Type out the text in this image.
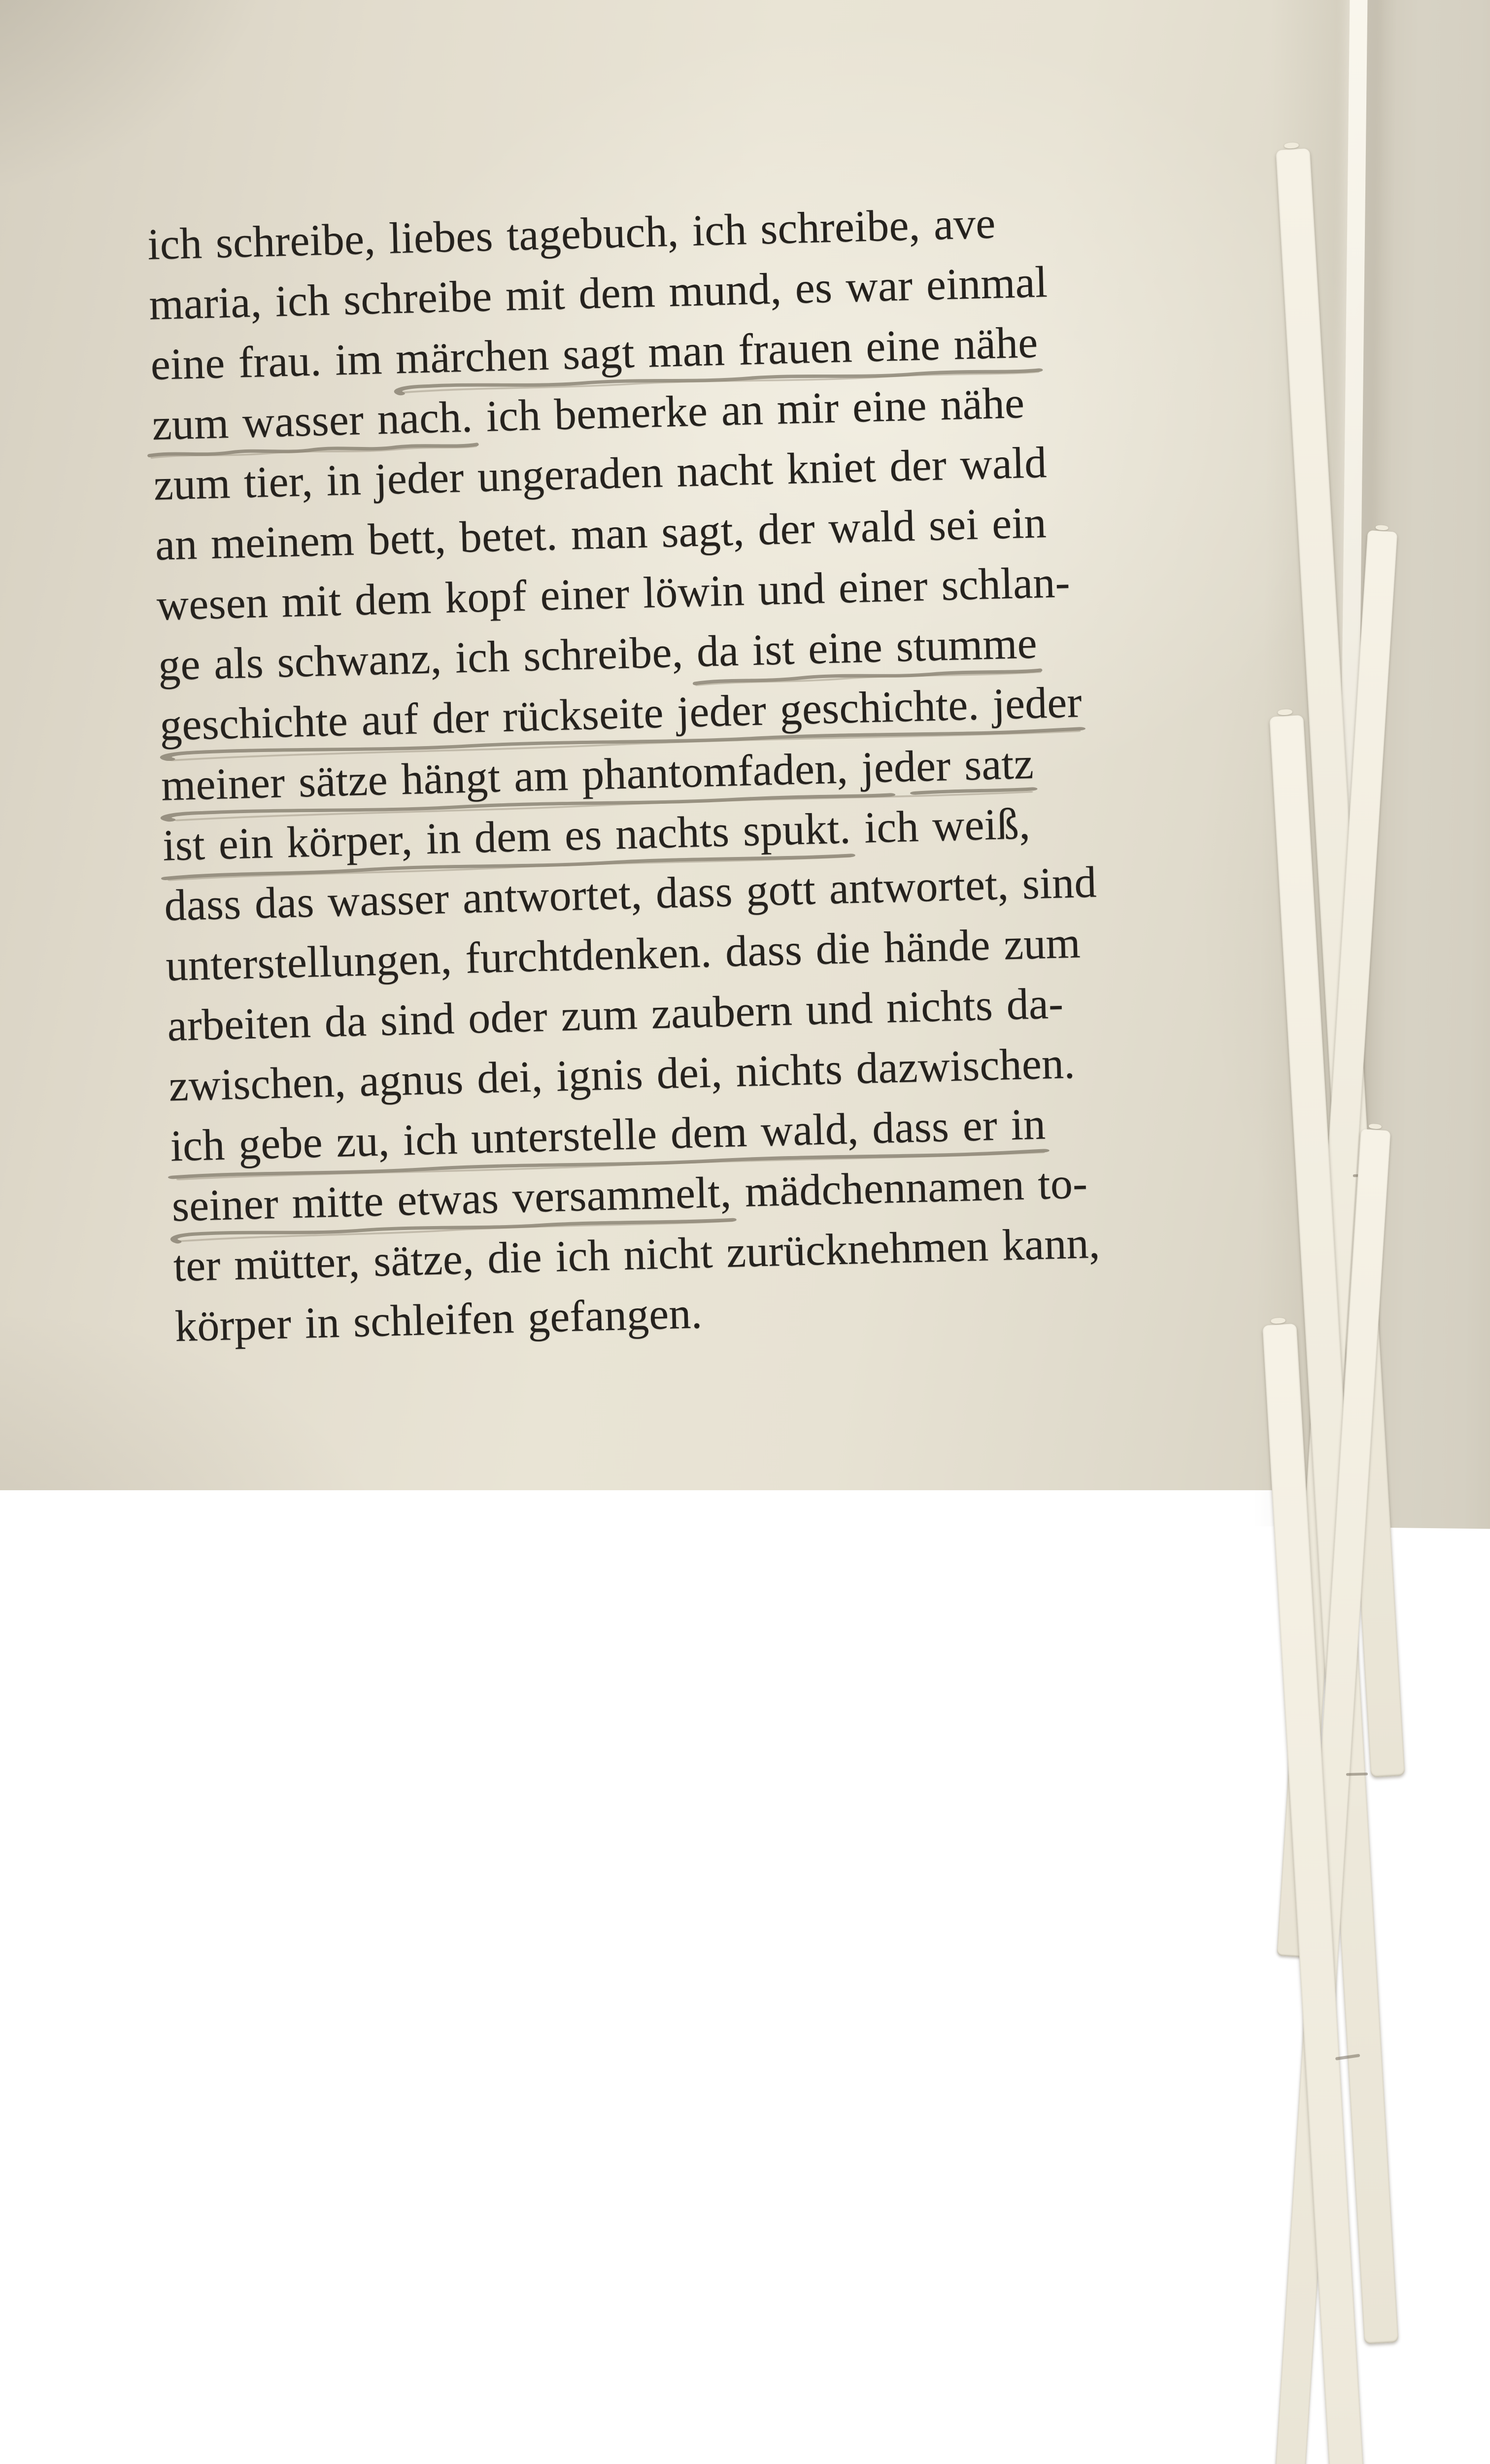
ich schreibe, liebes tagebuch, ich schreibe, ave
maria, ich schreibe mit dem mund, es war einmal
eine frau. im märchen sagt man frauen eine nähe
zum wasser nach.
ich bemerke an mir eine nähe
zum tier, in jeder ungeraden nacht kniet der wald
an meinem bett, betet. man sagt, der wald sei ein
wesen mit dem kopf einer löwin und einer schlan-
ge als schwanz, ich schreibe, da ist eine stumme
geschichte auf der rückseite jeder geschichte. jeder
meiner sätze hängt am phantomfaden, jeder satz
ist ein körper, in dem es nachts spukt.
ich weiß,
dass das wasser antwortet, dass gott antwortet, sind
unterstellungen, furchtdenken. dass die hände zum
arbeiten da sind oder zum zaubern und nichts da-
zwischen, agnus dei, ignis dei, nichts dazwischen.
ich gebe zu, ich unterstelle dem wald, dass er in
seiner mitte etwas versammelt,
mädchennamen to-
ter mütter, sätze, die ich nicht zurücknehmen kann,
körper in schleifen gefangen.
